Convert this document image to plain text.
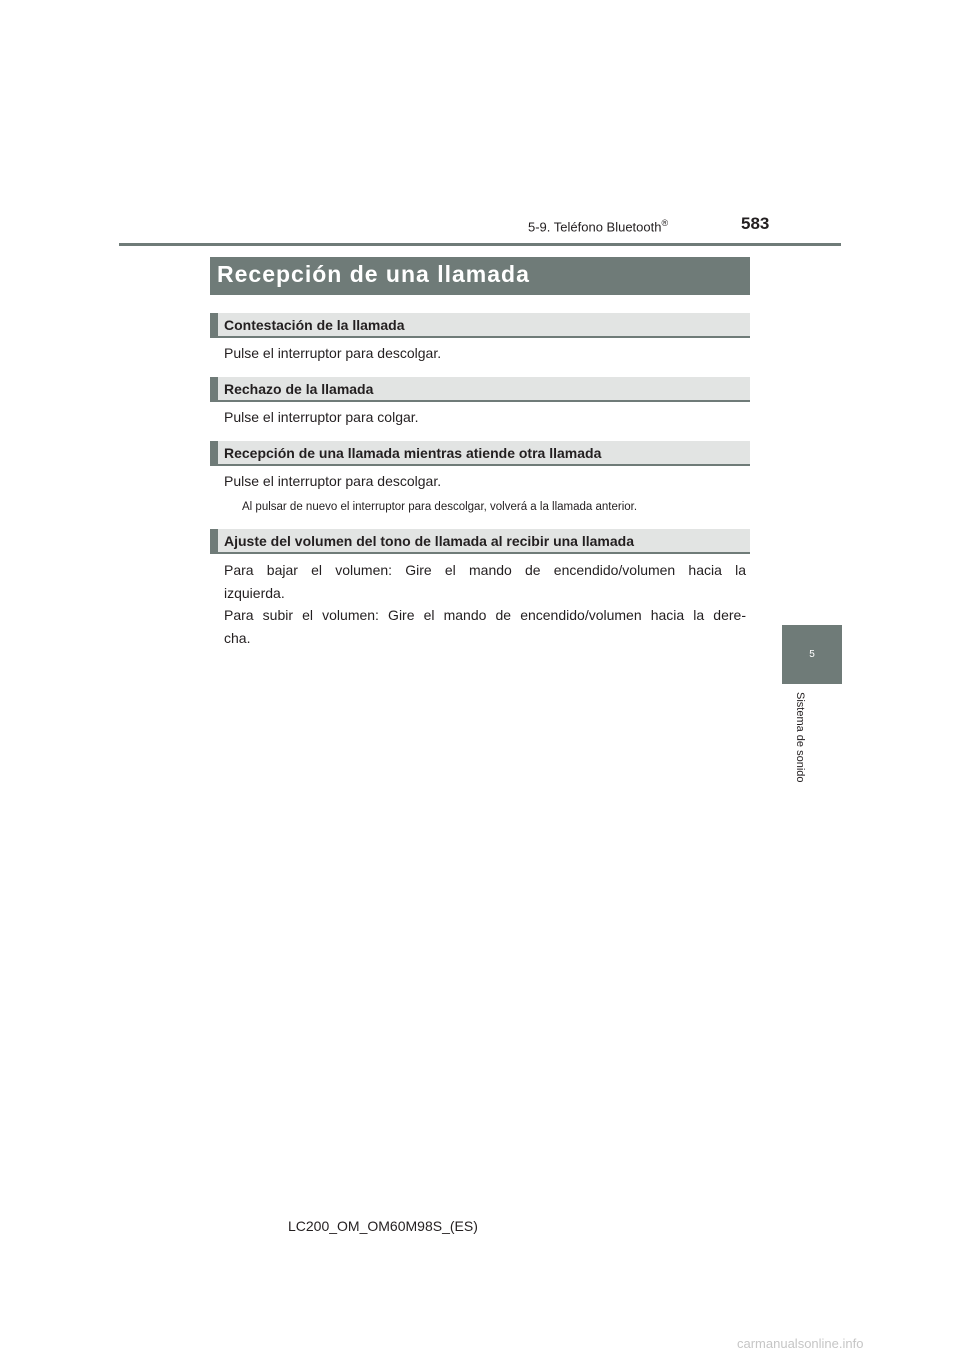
5-9. Teléfono Bluetooth®	583
Recepción de una llamada
Contestación de la llamada
Pulse el interruptor para descolgar.
Rechazo de la llamada
Pulse el interruptor para colgar.
Recepción de una llamada mientras atiende otra llamada
Pulse el interruptor para descolgar.
Al pulsar de nuevo el interruptor para descolgar, volverá a la llamada anterior.
Ajuste del volumen del tono de llamada al recibir una llamada
Para bajar el volumen: Gire el mando de encendido/volumen hacia la
izquierda.
Para subir el volumen: Gire el mando de encendido/volumen hacia la dere-
cha.
5
Sistema de sonido
LC200_OM_OM60M98S_(ES)
carmanualsonline.info
